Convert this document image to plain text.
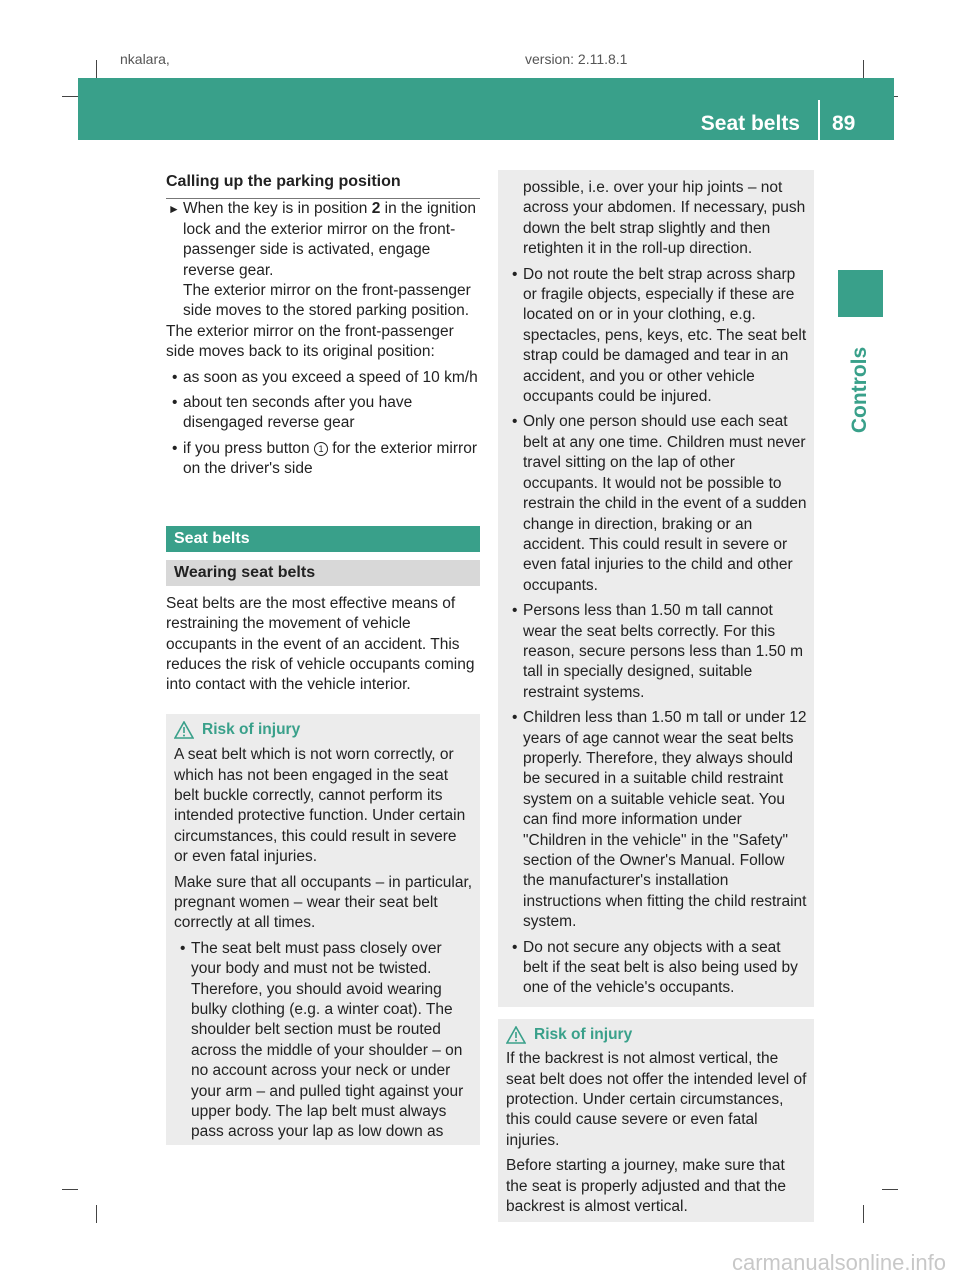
nkalara,	version: 2.11.8.1
Seat belts 89
Controls

Calling up the parking position

► When the key is in position 2 in the ignition lock and the exterior mirror on the front-passenger side is activated, engage reverse gear.
The exterior mirror on the front-passenger side moves to the stored parking position.

The exterior mirror on the front-passenger side moves back to its original position:

• as soon as you exceed a speed of 10 km/h

• about ten seconds after you have disengaged reverse gear

• if you press button 1 for the exterior mirror on the driver's side

Seat belts
Wearing seat belts

Seat belts are the most effective means of restraining the movement of vehicle occupants in the event of an accident. This reduces the risk of vehicle occupants coming into contact with the vehicle interior.

Risk of injury

A seat belt which is not worn correctly, or which has not been engaged in the seat belt buckle correctly, cannot perform its intended protective function. Under certain circumstances, this could result in severe or even fatal injuries.

Make sure that all occupants – in particular, pregnant women – wear their seat belt correctly at all times.

• The seat belt must pass closely over your body and must not be twisted. Therefore, you should avoid wearing bulky clothing (e.g. a winter coat). The shoulder belt section must be routed across the middle of your shoulder – on no account across your neck or under your arm – and pulled tight against your upper body. The lap belt must always pass across your lap as low down as

possible, i.e. over your hip joints – not across your abdomen. If necessary, push down the belt strap slightly and then retighten it in the roll-up direction.

• Do not route the belt strap across sharp or fragile objects, especially if these are located on or in your clothing, e.g. spectacles, pens, keys, etc. The seat belt strap could be damaged and tear in an accident, and you or other vehicle occupants could be injured.

• Only one person should use each seat belt at any one time. Children must never travel sitting on the lap of other occupants. It would not be possible to restrain the child in the event of a sudden change in direction, braking or an accident. This could result in severe or even fatal injuries to the child and other occupants.

• Persons less than 1.50 m tall cannot wear the seat belts correctly. For this reason, secure persons less than 1.50 m tall in specially designed, suitable restraint systems.

• Children less than 1.50 m tall or under 12 years of age cannot wear the seat belts properly. Therefore, they always should be secured in a suitable child restraint system on a suitable vehicle seat. You can find more information under "Children in the vehicle" in the "Safety" section of the Owner's Manual. Follow the manufacturer's installation instructions when fitting the child restraint system.

• Do not secure any objects with a seat belt if the seat belt is also being used by one of the vehicle's occupants.

Risk of injury

If the backrest is not almost vertical, the seat belt does not offer the intended level of protection. Under certain circumstances, this could cause severe or even fatal injuries.

Before starting a journey, make sure that the seat is properly adjusted and that the backrest is almost vertical.

carmanualsonline.info
